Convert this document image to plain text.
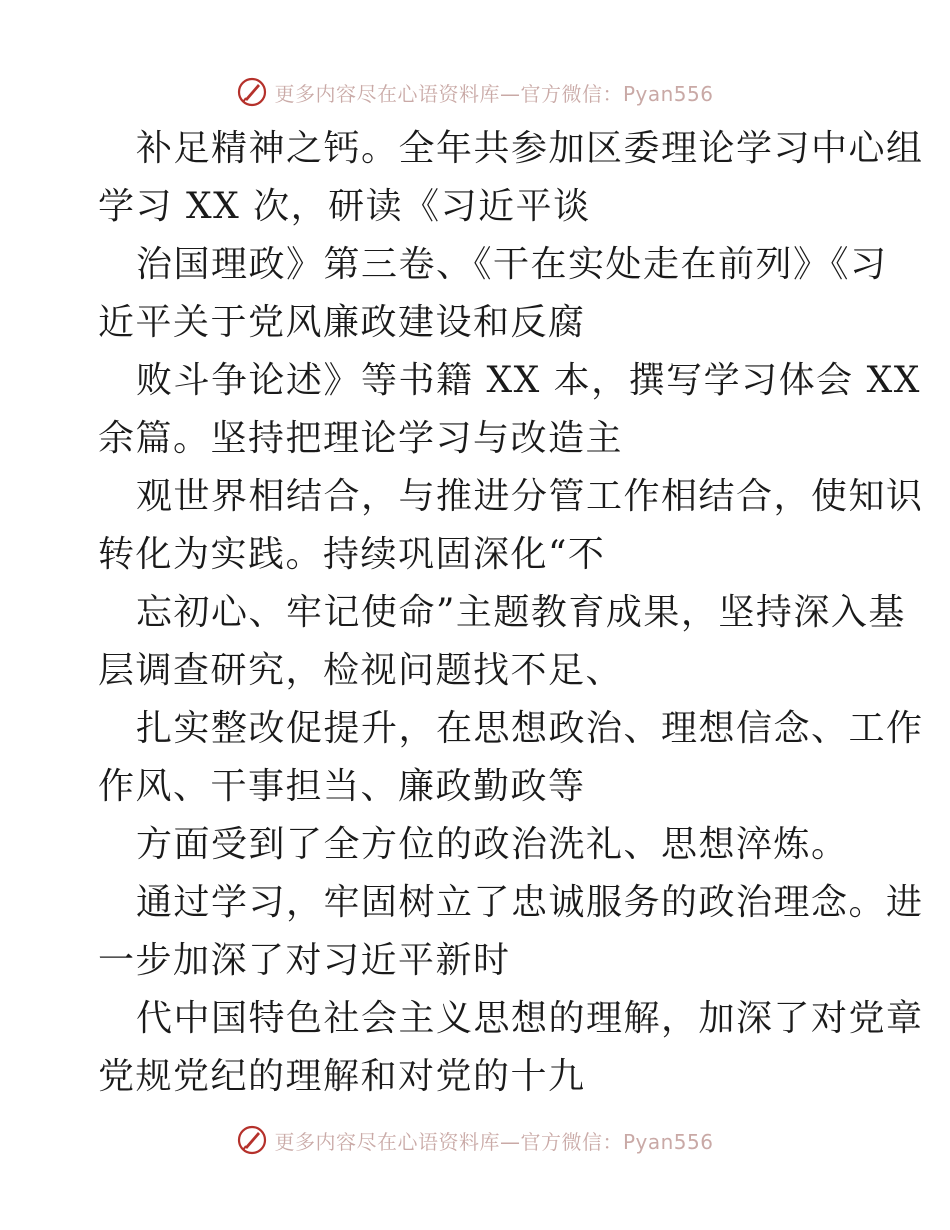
更多内容尽在心语资料库—官方微信：Pyan556
补足精神之钙。全年共参加区委理论学习中心组
学习 XX 次，研读《习近平谈
治国理政》第三卷、《干在实处走在前列》《习
近平关于党风廉政建设和反腐
败斗争论述》等书籍 XX 本，撰写学习体会 XX
余篇。坚持把理论学习与改造主
观世界相结合，与推进分管工作相结合，使知识
转化为实践。持续巩固深化“不
忘初心、牢记使命”主题教育成果，坚持深入基
层调查研究，检视问题找不足、
扎实整改促提升，在思想政治、理想信念、工作
作风、干事担当、廉政勤政等
方面受到了全方位的政治洗礼、思想淬炼。
通过学习，牢固树立了忠诚服务的政治理念。进
一步加深了对习近平新时
代中国特色社会主义思想的理解，加深了对党章
党规党纪的理解和对党的十九
更多内容尽在心语资料库—官方微信：Pyan556
